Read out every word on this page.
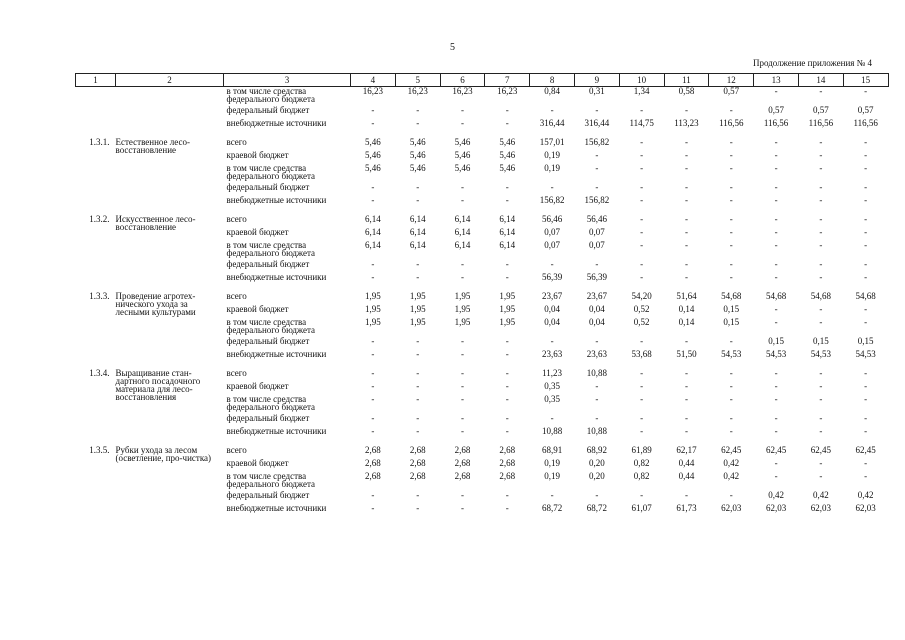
5
Продолжение приложения № 4
1	2	3	4	5	6	7	8	9	10	11	12	13	14	15
		в том числе средства федерального бюджета	16,23	16,23	16,23	16,23	0,84	0,31	1,34	0,58	0,57	-	-	-
		федеральный бюджет	-	-	-	-	-	-	-	-	-	0,57	0,57	0,57
		внебюджетные источники	-	-	-	-	316,44	316,44	114,75	113,23	116,56	116,56	116,56	116,56
1.3.1.	Естественное лесо-восстановление	всего	5,46	5,46	5,46	5,46	157,01	156,82	-	-	-	-	-	-
		краевой бюджет	5,46	5,46	5,46	5,46	0,19	-	-	-	-	-	-	-
		в том числе средства федерального бюджета	5,46	5,46	5,46	5,46	0,19	-	-	-	-	-	-	-
		федеральный бюджет	-	-	-	-	-	-	-	-	-	-	-	-
		внебюджетные источники	-	-	-	-	156,82	156,82	-	-	-	-	-	-
1.3.2.	Искусственное лесо-восстановление	всего	6,14	6,14	6,14	6,14	56,46	56,46	-	-	-	-	-	-
		краевой бюджет	6,14	6,14	6,14	6,14	0,07	0,07	-	-	-	-	-	-
		в том числе средства федерального бюджета	6,14	6,14	6,14	6,14	0,07	0,07	-	-	-	-	-	-
		федеральный бюджет	-	-	-	-	-	-	-	-	-	-	-	-
		внебюджетные источники	-	-	-	-	56,39	56,39	-	-	-	-	-	-
1.3.3.	Проведение агротех-нического ухода за лесными культурами	всего	1,95	1,95	1,95	1,95	23,67	23,67	54,20	51,64	54,68	54,68	54,68	54,68
		краевой бюджет	1,95	1,95	1,95	1,95	0,04	0,04	0,52	0,14	0,15	-	-	-
		в том числе средства федерального бюджета	1,95	1,95	1,95	1,95	0,04	0,04	0,52	0,14	0,15	-	-	-
		федеральный бюджет	-	-	-	-	-	-	-	-	-	0,15	0,15	0,15
		внебюджетные источники	-	-	-	-	23,63	23,63	53,68	51,50	54,53	54,53	54,53	54,53
1.3.4.	Выращивание стан-дартного посадочного материала для лесо-восстановления	всего	-	-	-	-	11,23	10,88	-	-	-	-	-	-
		краевой бюджет	-	-	-	-	0,35	-	-	-	-	-	-	-
		в том числе средства федерального бюджета	-	-	-	-	0,35	-	-	-	-	-	-	-
		федеральный бюджет	-	-	-	-	-	-	-	-	-	-	-	-
		внебюджетные источники	-	-	-	-	10,88	10,88	-	-	-	-	-	-
1.3.5.	Рубки ухода за лесом (осветление, про-чистка)	всего	2,68	2,68	2,68	2,68	68,91	68,92	61,89	62,17	62,45	62,45	62,45	62,45
		краевой бюджет	2,68	2,68	2,68	2,68	0,19	0,20	0,82	0,44	0,42	-	-	-
		в том числе средства федерального бюджета	2,68	2,68	2,68	2,68	0,19	0,20	0,82	0,44	0,42	-	-	-
		федеральный бюджет	-	-	-	-	-	-	-	-	-	0,42	0,42	0,42
		внебюджетные источники	-	-	-	-	68,72	68,72	61,07	61,73	62,03	62,03	62,03	62,03
